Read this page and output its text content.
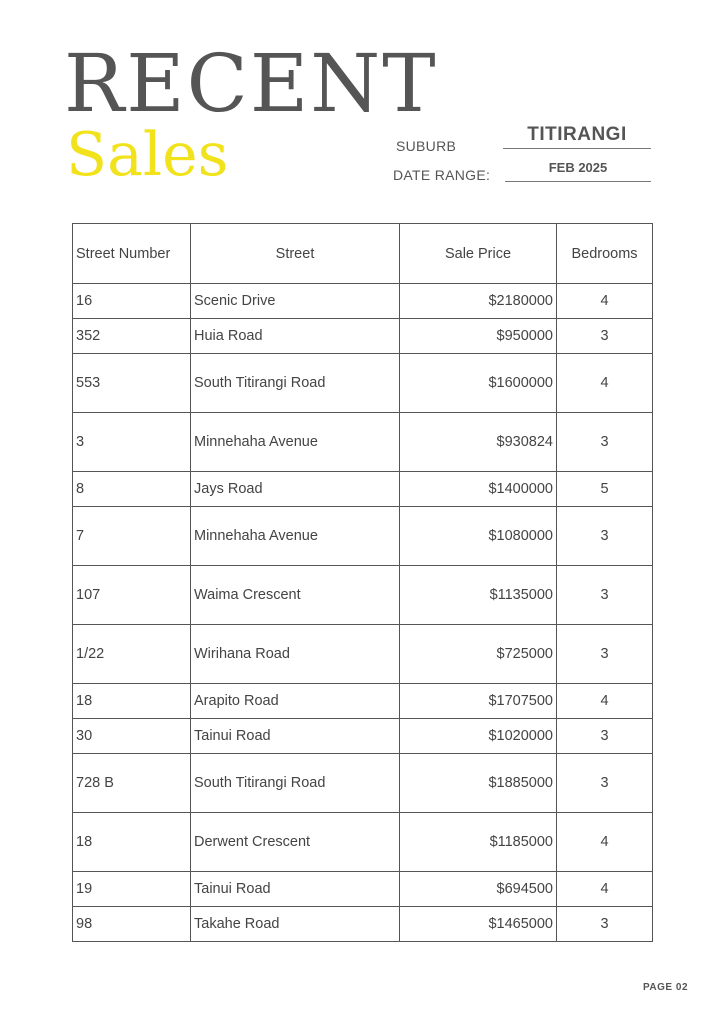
RECENT
Sales	SUBURB
TITIRANGI
DATE RANGE:	FEB 2025
Street Number	Street	Sale Price	Bedrooms
16	Scenic Drive	$2180000	4
352	Huia Road	$950000	3
553	South Titirangi Road	$1600000	4
3	Minnehaha Avenue	$930824	3
8	Jays Road	$1400000	5
7	Minnehaha Avenue	$1080000	3
107	Waima Crescent	$1135000	3
1/22	Wirihana Road	$725000	3
18	Arapito Road	$1707500	4
30	Tainui Road	$1020000	3
728 B	South Titirangi Road	$1885000	3
18	Derwent Crescent	$1185000	4
19	Tainui Road	$694500	4
98	Takahe Road	$1465000	3
PAGE 02
